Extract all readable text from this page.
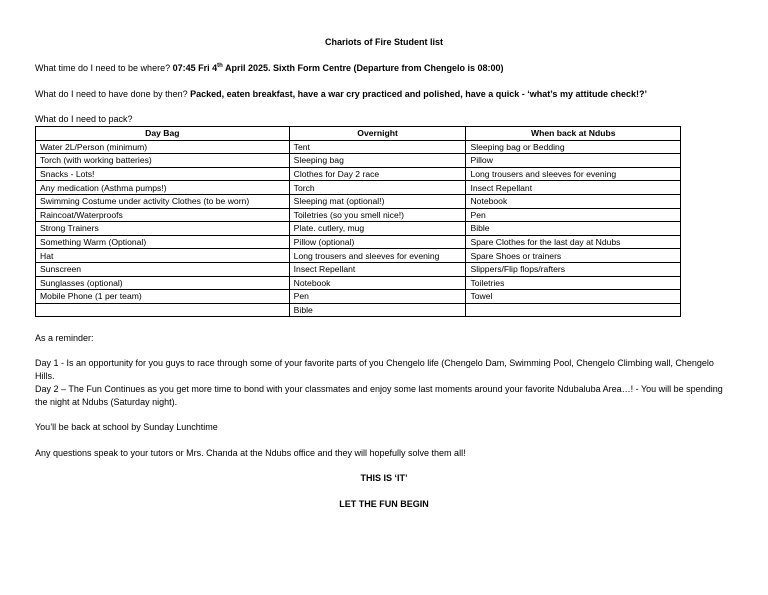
Chariots of Fire Student list
What time do I need to be where? 07:45 Fri 4th April 2025. Sixth Form Centre (Departure from Chengelo is 08:00)
What do I need to have done by then? Packed, eaten breakfast, have a war cry practiced and polished, have a quick - ‘what’s my attitude check!?’
What do I need to pack?
Day Bag	Overnight	When back at Ndubs
Water 2L/Person (minimum)	Tent	Sleeping bag or Bedding
Torch (with working batteries)	Sleeping bag	Pillow
Snacks - Lots!	Clothes for Day 2 race	Long trousers and sleeves for evening
Any medication (Asthma pumps!)	Torch	Insect Repellant
Swimming Costume under activity Clothes (to be worn)	Sleeping mat (optional!)	Notebook
Raincoat/Waterproofs	Toiletries (so you smell nice!)	Pen
Strong Trainers	Plate. cutlery, mug	Bible
Something Warm (Optional)	Pillow (optional)	Spare Clothes for the last day at Ndubs
Hat	Long trousers and sleeves for evening	Spare Shoes or trainers
Sunscreen	Insect Repellant	Slippers/Flip flops/rafters
Sunglasses (optional)	Notebook	Toiletries
Mobile Phone (1 per team)	Pen	Towel
	Bible	
As a reminder:
Day 1 - Is an opportunity for you guys to race through some of your favorite parts of you Chengelo life (Chengelo Dam, Swimming Pool, Chengelo Climbing wall, Chengelo Hills.
Day 2 – The Fun Continues as you get more time to bond with your classmates and enjoy some last moments around your favorite Ndubaluba Area…! - You will be spending the night at Ndubs (Saturday night).
You’ll be back at school by Sunday Lunchtime
Any questions speak to your tutors or Mrs. Chanda at the Ndubs office and they will hopefully solve them all!
THIS IS ‘IT’
LET THE FUN BEGIN
